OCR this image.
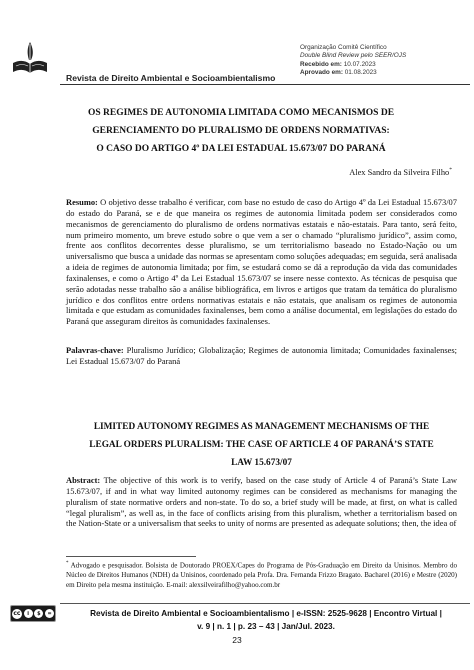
Revista de Direito Ambiental e Socioambientalismo
Organização Comitê Científico
Double Blind Review pelo SEER/OJS
Recebido em: 10.07.2023
Aprovado em: 01.08.2023
OS REGIMES DE AUTONOMIA LIMITADA COMO MECANISMOS DE
GERENCIAMENTO DO PLURALISMO DE ORDENS NORMATIVAS:
O CASO DO ARTIGO 4º DA LEI ESTADUAL 15.673/07 DO PARANÁ
Alex Sandro da Silveira Filho*
Resumo: O objetivo desse trabalho é verificar, com base no estudo de caso do Artigo 4º da Lei Estadual 15.673/07 do estado do Paraná, se e de que maneira os regimes de autonomia limitada podem ser considerados como mecanismos de gerenciamento do pluralismo de ordens normativas estatais e não-estatais. Para tanto, será feito, num primeiro momento, um breve estudo sobre o que vem a ser o chamado “pluralismo jurídico”, assim como, frente aos conflitos decorrentes desse pluralismo, se um territorialismo baseado no Estado-Nação ou um universalismo que busca a unidade das normas se apresentam como soluções adequadas; em seguida, será analisada a ideia de regimes de autonomia limitada; por fim, se estudará como se dá a reprodução da vida das comunidades faxinalenses, e como o Artigo 4º da Lei Estadual 15.673/07 se insere nesse contexto. As técnicas de pesquisa que serão adotadas nesse trabalho são a análise bibliográfica, em livros e artigos que tratam da temática do pluralismo jurídico e dos conflitos entre ordens normativas estatais e não estatais, que analisam os regimes de autonomia limitada e que estudam as comunidades faxinalenses, bem como a análise documental, em legislações do estado do Paraná que asseguram direitos às comunidades faxinalenses.
Palavras-chave: Pluralismo Jurídico; Globalização; Regimes de autonomia limitada; Comunidades faxinalenses; Lei Estadual 15.673/07 do Paraná
LIMITED AUTONOMY REGIMES AS MANAGEMENT MECHANISMS OF THE
LEGAL ORDERS PLURALISM: THE CASE OF ARTICLE 4 OF PARANÁ’S STATE
LAW 15.673/07
Abstract: The objective of this work is to verify, based on the case study of Article 4 of Paraná’s State Law 15.673/07, if and in what way limited autonomy regimes can be considered as mechanisms for managing the pluralism of state normative orders and non-state. To do so, a brief study will be made, at first, on what is called “legal pluralism”, as well as, in the face of conflicts arising from this pluralism, whether a territorialism based on the Nation-State or a universalism that seeks to unity of norms are presented as adequate solutions; then, the idea of
* Advogado e pesquisador. Bolsista de Doutorado PROEX/Capes do Programa de Pós-Graduação em Direito da Unisinos. Membro do Núcleo de Direitos Humanos (NDH) da Unisinos, coordenado pela Profa. Dra. Fernanda Frizzo Bragato. Bacharel (2016) e Mestre (2020) em Direito pela mesma instituição. E-mail: alexsilveirafilho@yahoo.com.br
cc	i	$	=	Revista de Direito Ambiental e Socioambientalismo | e-ISSN: 2525-9628 | Encontro Virtual |
v. 9 | n. 1 | p. 23 – 43 | Jan/Jul. 2023.
23
